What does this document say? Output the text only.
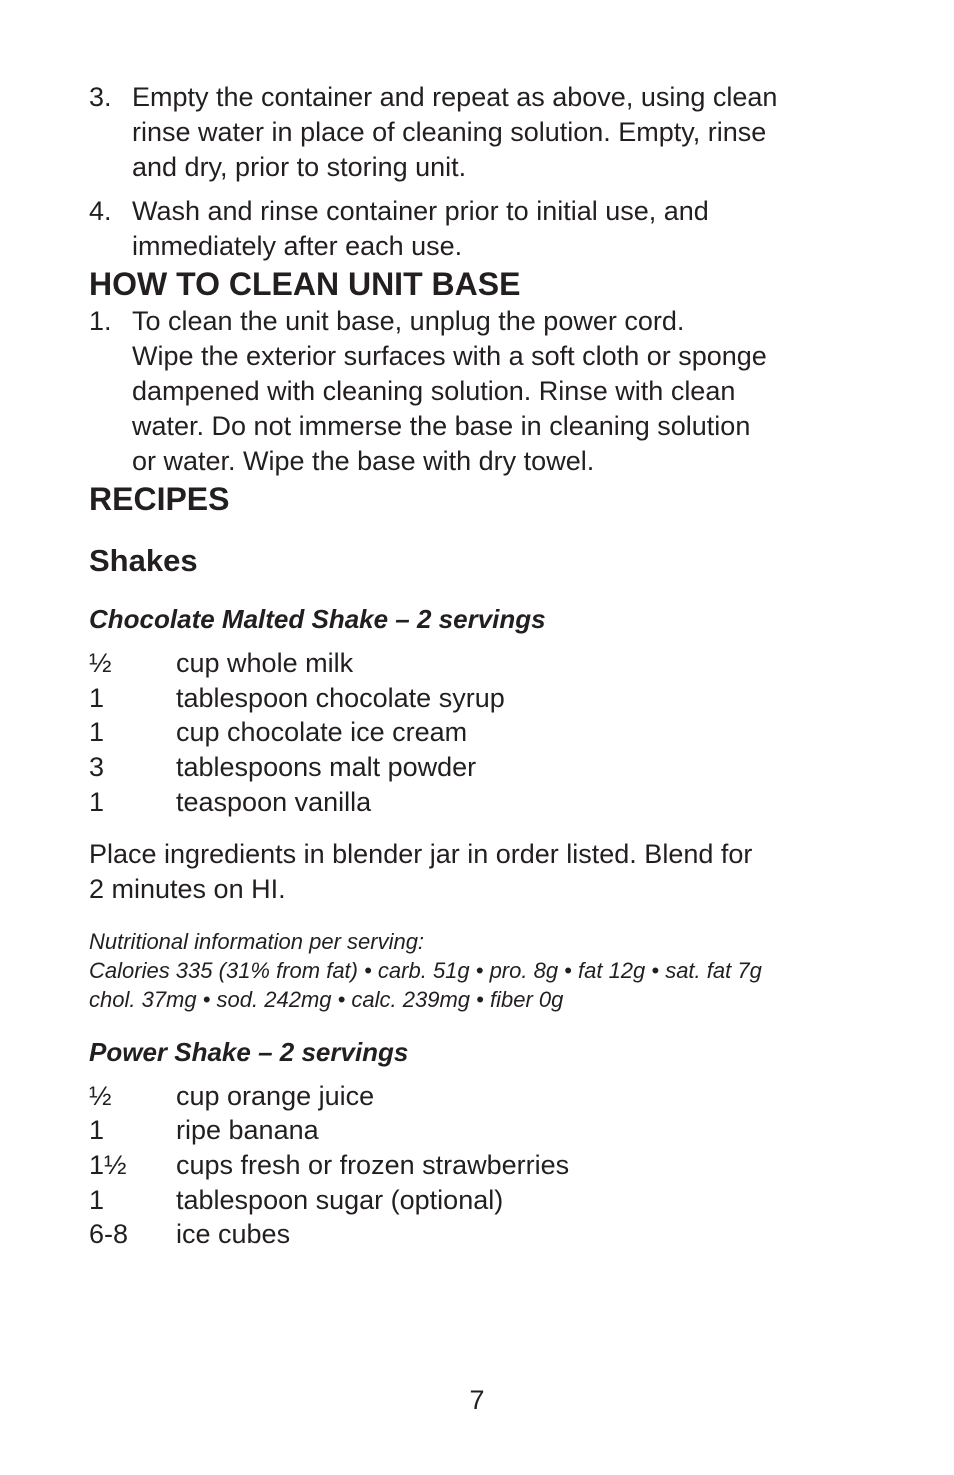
3. Empty the container and repeat as above, using clean
rinse water in place of cleaning solution. Empty, rinse
and dry, prior to storing unit.
4. Wash and rinse container prior to initial use, and
immediately after each use.
HOW TO CLEAN UNIT BASE
1. To clean the unit base, unplug the power cord.
Wipe the exterior surfaces with a soft cloth or sponge
dampened with cleaning solution. Rinse with clean
water. Do not immerse the base in cleaning solution
or water. Wipe the base with dry towel.
RECIPES
Shakes
Chocolate Malted Shake – 2 servings
½	cup whole milk
1	tablespoon chocolate syrup
1	cup chocolate ice cream
3	tablespoons malt powder
1	teaspoon vanilla

Place ingredients in blender jar in order listed. Blend for
2 minutes on HI.

Nutritional information per serving:
Calories 335 (31% from fat) • carb. 51g • pro. 8g • fat 12g • sat. fat 7g
chol. 37mg • sod. 242mg • calc. 239mg • fiber 0g

Power Shake – 2 servings
½	cup orange juice
1	ripe banana
1½	cups fresh or frozen strawberries
1	tablespoon sugar (optional)
6-8	ice cubes
7
